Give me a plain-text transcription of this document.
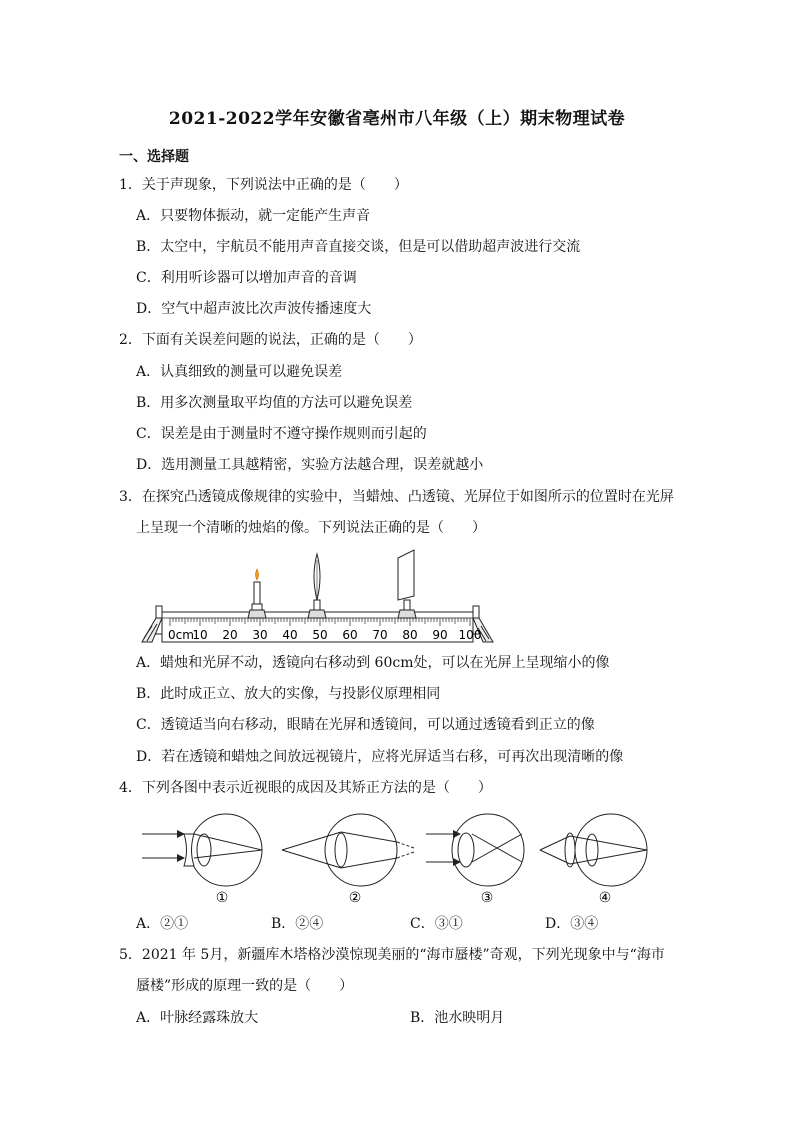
2021-2022学年安徽省亳州市八年级（上）期末物理试卷
一、选择题
1．关于声现象，下列说法中正确的是（　　）
A．只要物体振动，就一定能产生声音
B．太空中，宇航员不能用声音直接交谈，但是可以借助超声波进行交流
C．利用听诊器可以增加声音的音调
D．空气中超声波比次声波传播速度大
2．下面有关误差问题的说法，正确的是（　　）
A．认真细致的测量可以避免误差
B．用多次测量取平均值的方法可以避免误差
C．误差是由于测量时不遵守操作规则而引起的
D．选用测量工具越精密，实验方法越合理，误差就越小
3．在探究凸透镜成像规律的实验中，当蜡烛、凸透镜、光屏位于如图所示的位置时在光屏
上呈现一个清晰的烛焰的像。下列说法正确的是（　　）
0cm
10 20 30 40 50 60 70 80 90 100
A．蜡烛和光屏不动，透镜向右移动到 60cm处，可以在光屏上呈现缩小的像
B．此时成正立、放大的实像，与投影仪原理相同
C．透镜适当向右移动，眼睛在光屏和透镜间，可以通过透镜看到正立的像
D．若在透镜和蜡烛之间放远视镜片，应将光屏适当右移，可再次出现清晰的像
4．下列各图中表示近视眼的成因及其矫正方法的是（　　）
①	②	③	④
A．②①	B．②④	C．③①	D．③④
5．2021 年 5月，新疆库木塔格沙漠惊现美丽的“海市蜃楼”奇观，下列光现象中与“海市
蜃楼”形成的原理一致的是（　　）
A．叶脉经露珠放大	B．池水映明月
